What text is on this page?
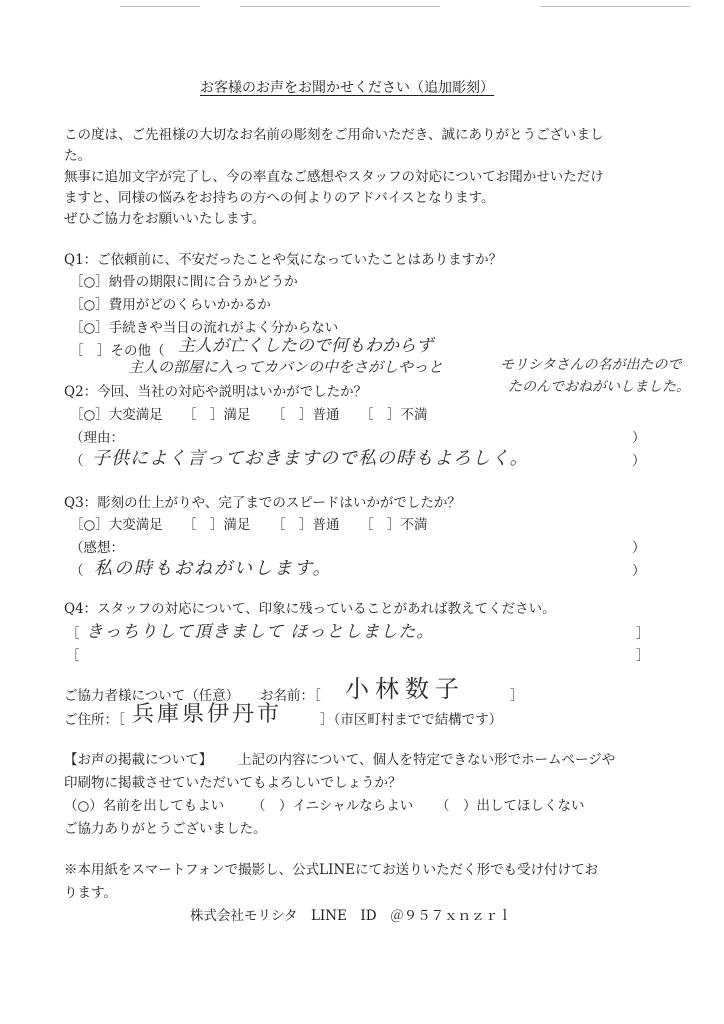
お客様のお声をお聞かせください（追加彫刻）
この度は、ご先祖様の大切なお名前の彫刻をご用命いただき、誠にありがとうございまし
た。
無事に追加文字が完了し、今の率直なご感想やスタッフの対応についてお聞かせいただけ
ますと、同様の悩みをお持ちの方への何よりのアドバイスとなります。
ぜひご協力をお願いいたします。
Q1：ご依頼前に、不安だったことや気になっていたことはありますか？
［○］納骨の期限に間に合うかどうか
［○］費用がどのくらいかかるか
［○］手続きや当日の流れがよく分からない
［　］その他（ 主人が亡くしたので何もわからず
主人の部屋に入ってカバンの中をさがしやっと	モリシタさんの名が出たので
たのんでおねがいしました。
Q2：今回、当社の対応や説明はいかがでしたか？
［○］大変満足 ［　］満足 ［　］普通 ［　］不満
（理由：	）
（ 子供によく言っておきますので私の時もよろしく。	）
Q3：彫刻の仕上がりや、完了までのスピードはいかがでしたか？
［○］大変満足 ［　］満足 ［　］普通 ［　］不満
（感想：	）
（ 私の時もおねがいします。	）
Q4：スタッフの対応について、印象に残っていることがあれば教えてください。
［ きっちりして頂きまして ほっとしました。	］
［	］
ご協力者様について（任意） お名前：［ 小林数子	］
ご住所：［ 兵庫県伊丹市	］（市区町村までで結構です）
【お声の掲載について】 上記の内容について、個人を特定できない形でホームページや
印刷物に掲載させていただいてもよろしいでしょうか？
（○）名前を出してもよい （　）イニシャルならよい （　）出してほしくない
ご協力ありがとうございました。
※本用紙をスマートフォンで撮影し、公式LINEにてお送りいただく形でも受け付けてお
ります。
株式会社モリシタ　LINE　ID　＠９５７ｘｎｚｒｌ
